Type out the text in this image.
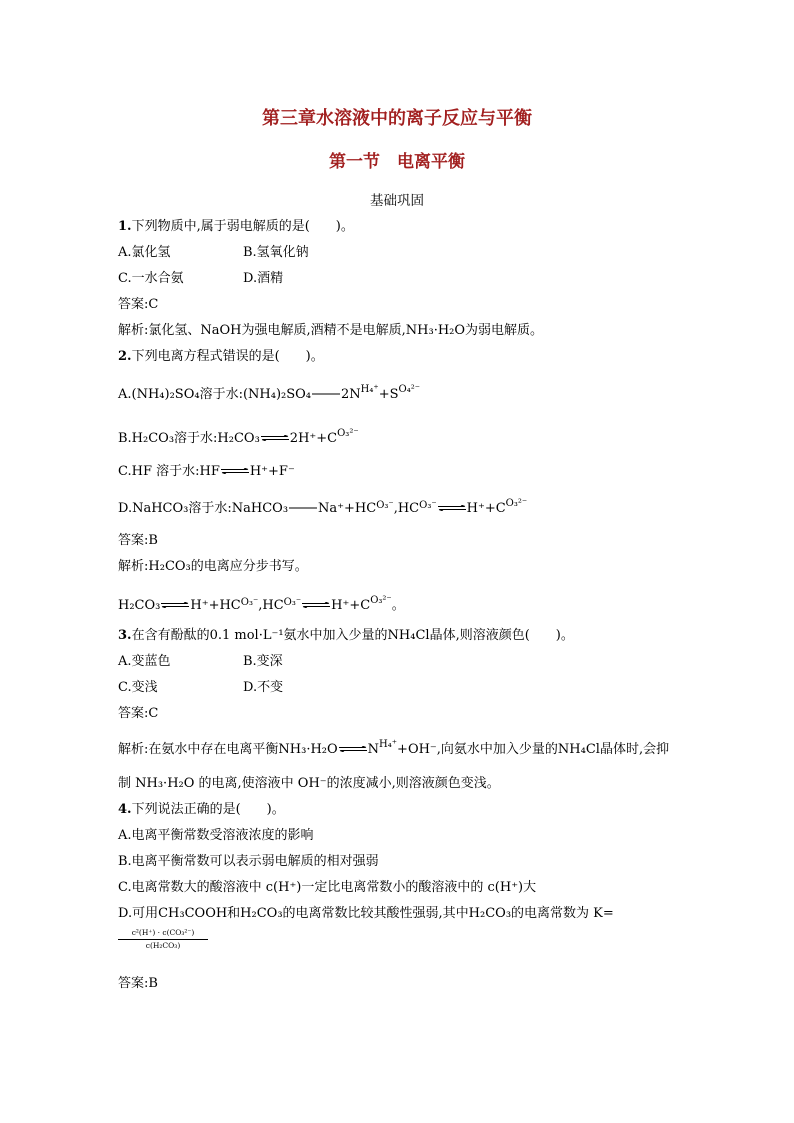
第三章水溶液中的离子反应与平衡
第一节　电离平衡
基础巩固
1.下列物质中,属于弱电解质的是(　　)。
A.氯化氢	B.氢氧化钠
C.一水合氨	D.酒精
答案:C
解析:氯化氢、NaOH为强电解质,酒精不是电解质,NH₃·H₂O为弱电解质。
2.下列电离方程式错误的是(　　)。
A.(NH₄)₂SO₄溶于水:(NH₄)₂SO₄ $2N^{H_4^+}+S^{O_4^{2-}}$
B.H₂CO₃溶于水$:H_2CO_3\rightleftharpoons 2H^++C^{O_3^{2-}}$
C.HF 溶于水:HF⇌H⁺+F⁻
D.NaHCO₃溶于水:NaHCO₃ $Na^++HC^{O_3^-},HC^{O_3^-}\rightleftharpoons H^++C^{O_3^{2-}}$
答案:B
解析:H₂CO₃的电离应分步书写。
$H_2CO_3\rightleftharpoons H^++HC^{O_3^-},HC^{O_3^-}\rightleftharpoons H^++C^{O_3^{2-}}$。
3.在含有酚酞的0.1 mol·L⁻¹氨水中加入少量的NH₄Cl晶体,则溶液颜色(　　)。
A.变蓝色	B.变深
C.变浅	D.不变
答案:C
解析:在氨水中存在电离平衡$NH_3\cdot H_2O\rightleftharpoons N^{H_4^+}+OH^-$,向氨水中加入少量的NH₄Cl晶体时,会抑
制 NH₃·H₂O 的电离,使溶液中 OH⁻的浓度减小,则溶液颜色变浅。
4.下列说法正确的是(　　)。
A.电离平衡常数受溶液浓度的影响
B.电离平衡常数可以表示弱电解质的相对强弱
C.电离常数大的酸溶液中 c(H⁺)一定比电离常数小的酸溶液中的 c(H⁺)大
D.可用CH₃COOH和H₂CO₃的电离常数比较其酸性强弱,其中H₂CO₃的电离常数为 K=
c²(H⁺) · c(CO₃²⁻)
c(H₂CO₃)
答案:B
